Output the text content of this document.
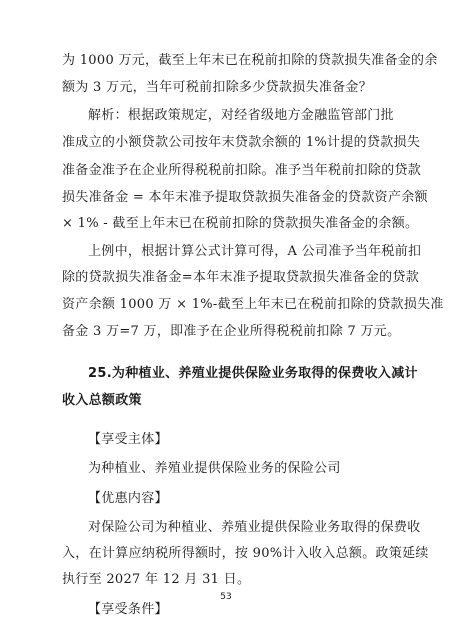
为 1000 万元，截至上年末已在税前扣除的贷款损失准备金的余

额为 3 万元，当年可税前扣除多少贷款损失准备金？

解析：根据政策规定，对经省级地方金融监管部门批

准成立的小额贷款公司按年末贷款余额的 1%计提的贷款损失

准备金准予在企业所得税税前扣除。准予当年税前扣除的贷款

损失准备金 = 本年末准予提取贷款损失准备金的贷款资产余额

× 1% - 截至上年末已在税前扣除的贷款损失准备金的余额。

上例中，根据计算公式计算可得，A 公司准予当年税前扣

除的贷款损失准备金=本年末准予提取贷款损失准备金的贷款

资产余额 1000 万 × 1%-截至上年末已在税前扣除的贷款损失准

备金 3 万=7 万，即准予在企业所得税税前扣除 7 万元。

25.为种植业、养殖业提供保险业务取得的保费收入减计

收入总额政策

【享受主体】

为种植业、养殖业提供保险业务的保险公司

【优惠内容】

对保险公司为种植业、养殖业提供保险业务取得的保费收

入，在计算应纳税所得额时，按 90%计入收入总额。政策延续

执行至 2027 年 12 月 31 日。

【享受条件】

53
